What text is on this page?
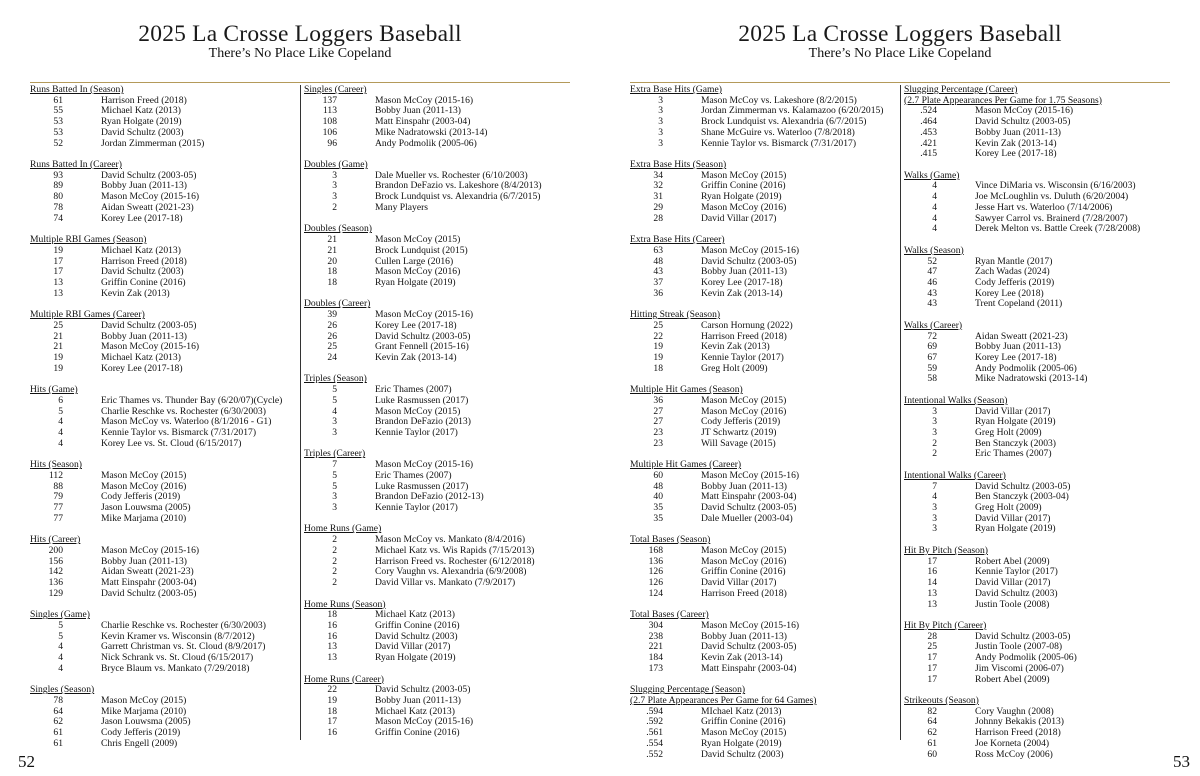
2025 La Crosse Loggers Baseball
There’s No Place Like Copeland
Runs Batted In (Season)
61	Harrison Freed (2018)
55	Michael Katz (2013)
53	Ryan Holgate (2019)
53	David Schultz (2003)
52	Jordan Zimmerman (2015)
Runs Batted In (Career)
93	David Schultz (2003-05)
89	Bobby Juan (2011-13)
80	Mason McCoy (2015-16)
78	Aidan Sweatt (2021-23)
74	Korey Lee (2017-18)
Multiple RBI Games (Season)
19	Michael Katz (2013)
17	Harrison Freed (2018)
17	David Schultz (2003)
13	Griffin Conine (2016)
13	Kevin Zak (2013)
Multiple RBI Games (Career)
25	David Schultz (2003-05)
21	Bobby Juan (2011-13)
21	Mason McCoy (2015-16)
19	Michael Katz (2013)
19	Korey Lee (2017-18)
Hits (Game)
6	Eric Thames vs. Thunder Bay (6/20/07)(Cycle)
5	Charlie Reschke vs. Rochester (6/30/2003)
4	Mason McCoy vs. Waterloo (8/1/2016 - G1)
4	Kennie Taylor vs. Bismarck (7/31/2017)
4	Korey Lee vs. St. Cloud (6/15/2017)
Hits (Season)
112	Mason McCoy (2015)
88	Mason McCoy (2016)
79	Cody Jefferis (2019)
77	Jason Louwsma (2005)
77	Mike Marjama (2010)
Hits (Career)
200	Mason McCoy (2015-16)
156	Bobby Juan (2011-13)
142	Aidan Sweatt (2021-23)
136	Matt Einspahr (2003-04)
129	David Schultz (2003-05)
Singles (Game)
5	Charlie Reschke vs. Rochester (6/30/2003)
5	Kevin Kramer vs. Wisconsin (8/7/2012)
4	Garrett Christman vs. St. Cloud (8/9/2017)
4	Nick Schrank vs. St. Cloud (6/15/2017)
4	Bryce Blaum vs. Mankato (7/29/2018)
Singles (Season)
78	Mason McCoy (2015)
64	Mike Marjama (2010)
62	Jason Louwsma (2005)
61	Cody Jefferis (2019)
61	Chris Engell (2009)
Singles (Career)
137	Mason McCoy (2015-16)
113	Bobby Juan (2011-13)
108	Matt Einspahr (2003-04)
106	Mike Nadratowski (2013-14)
96	Andy Podmolik (2005-06)
Doubles (Game)
3	Dale Mueller vs. Rochester (6/10/2003)
3	Brandon DeFazio vs. Lakeshore (8/4/2013)
3	Brock Lundquist vs. Alexandria (6/7/2015)
2	Many Players
Doubles (Season)
21	Mason McCoy (2015)
21	Brock Lundquist (2015)
20	Cullen Large (2016)
18	Mason McCoy (2016)
18	Ryan Holgate (2019)
Doubles (Career)
39	Mason McCoy (2015-16)
26	Korey Lee (2017-18)
26	David Schultz (2003-05)
25	Grant Fennell (2015-16)
24	Kevin Zak (2013-14)
Triples (Season)
5	Eric Thames (2007)
5	Luke Rasmussen (2017)
4	Mason McCoy (2015)
3	Brandon DeFazio (2013)
3	Kennie Taylor (2017)
Triples (Career)
7	Mason McCoy (2015-16)
5	Eric Thames (2007)
5	Luke Rasmussen (2017)
3	Brandon DeFazio (2012-13)
3	Kennie Taylor (2017)
Home Runs (Game)
2	Mason McCoy vs. Mankato (8/4/2016)
2	Michael Katz vs. Wis Rapids (7/15/2013)
2	Harrison Freed vs. Rochester (6/12/2018)
2	Cory Vaughn vs. Alexandria (6/9/2008)
2	David Villar vs. Mankato (7/9/2017)
Home Runs (Season)
18	Michael Katz (2013)
16	Griffin Conine (2016)
16	David Schultz (2003)
13	David Villar (2017)
13	Ryan Holgate (2019)
Home Runs (Career)
22	David Schultz (2003-05)
19	Bobby Juan (2011-13)
18	Michael Katz (2013)
17	Mason McCoy (2015-16)
16	Griffin Conine (2016)
52
2025 La Crosse Loggers Baseball
There’s No Place Like Copeland
Extra Base Hits (Game)
3	Mason McCoy vs. Lakeshore (8/2/2015)
3	Jordan Zimmerman vs. Kalamazoo (6/20/2015)
3	Brock Lundquist vs. Alexandria (6/7/2015)
3	Shane McGuire vs. Waterloo (7/8/2018)
3	Kennie Taylor vs. Bismarck (7/31/2017)
Extra Base Hits (Season)
34	Mason McCoy (2015)
32	Griffin Conine (2016)
31	Ryan Holgate (2019)
29	Mason McCoy (2016)
28	David Villar (2017)
Extra Base Hits (Career)
63	Mason McCoy (2015-16)
48	David Schultz (2003-05)
43	Bobby Juan (2011-13)
37	Korey Lee (2017-18)
36	Kevin Zak (2013-14)
Hitting Streak (Season)
25	Carson Hornung (2022)
22	Harrison Freed (2018)
19	Kevin Zak (2013)
19	Kennie Taylor (2017)
18	Greg Holt (2009)
Multiple Hit Games (Season)
36	Mason McCoy (2015)
27	Mason McCoy (2016)
27	Cody Jefferis (2019)
23	JT Schwartz (2019)
23	Will Savage (2015)
Multiple Hit Games (Career)
60	Mason McCoy (2015-16)
48	Bobby Juan (2011-13)
40	Matt Einspahr (2003-04)
35	David Schultz (2003-05)
35	Dale Mueller (2003-04)
Total Bases (Season)
168	Mason McCoy (2015)
136	Mason McCoy (2016)
126	Griffin Conine (2016)
126	David Villar (2017)
124	Harrison Freed (2018)
Total Bases (Career)
304	Mason McCoy (2015-16)
238	Bobby Juan (2011-13)
221	David Schultz (2003-05)
184	Kevin Zak (2013-14)
173	Matt Einspahr (2003-04)
Slugging Percentage (Season)
(2.7 Plate Appearances Per Game for 64 Games)
.594	MIchael Katz (2013)
.592	Griffin Conine (2016)
.561	Mason McCoy (2015)
.554	Ryan Holgate (2019)
.552	David Schultz (2003)
Slugging Percentage (Career)
(2.7 Plate Appearances Per Game for 1.75 Seasons)
.524	Mason McCoy (2015-16)
.464	David Schultz (2003-05)
.453	Bobby Juan (2011-13)
.421	Kevin Zak (2013-14)
.415	Korey Lee (2017-18)
Walks (Game)
4	Vince DiMaria vs. Wisconsin (6/16/2003)
4	Joe McLoughlin vs. Duluth (6/20/2004)
4	Jesse Hart vs. Waterloo (7/14/2006)
4	Sawyer Carrol vs. Brainerd (7/28/2007)
4	Derek Melton vs. Battle Creek (7/28/2008)
Walks (Season)
52	Ryan Mantle (2017)
47	Zach Wadas (2024)
46	Cody Jefferis (2019)
43	Korey Lee (2018)
43	Trent Copeland (2011)
Walks (Career)
72	Aidan Sweatt (2021-23)
69	Bobby Juan (2011-13)
67	Korey Lee (2017-18)
59	Andy Podmolik (2005-06)
58	Mike Nadratowski (2013-14)
Intentional Walks (Season)
3	David Villar (2017)
3	Ryan Holgate (2019)
3	Greg Holt (2009)
2	Ben Stanczyk (2003)
2	Eric Thames (2007)
Intentional Walks (Career)
7	David Schultz (2003-05)
4	Ben Stanczyk (2003-04)
3	Greg Holt (2009)
3	David Villar (2017)
3	Ryan Holgate (2019)
Hit By Pitch (Season)
17	Robert Abel (2009)
16	Kennie Taylor (2017)
14	David Villar (2017)
13	David Schultz (2003)
13	Justin Toole (2008)
Hit By Pitch (Career)
28	David Schultz (2003-05)
25	Justin Toole (2007-08)
17	Andy Podmolik (2005-06)
17	Jim Viscomi (2006-07)
17	Robert Abel (2009)
Strikeouts (Season)
82	Cory Vaughn (2008)
64	Johnny Bekakis (2013)
62	Harrison Freed (2018)
61	Joe Korneta (2004)
60	Ross McCoy (2006)	53
